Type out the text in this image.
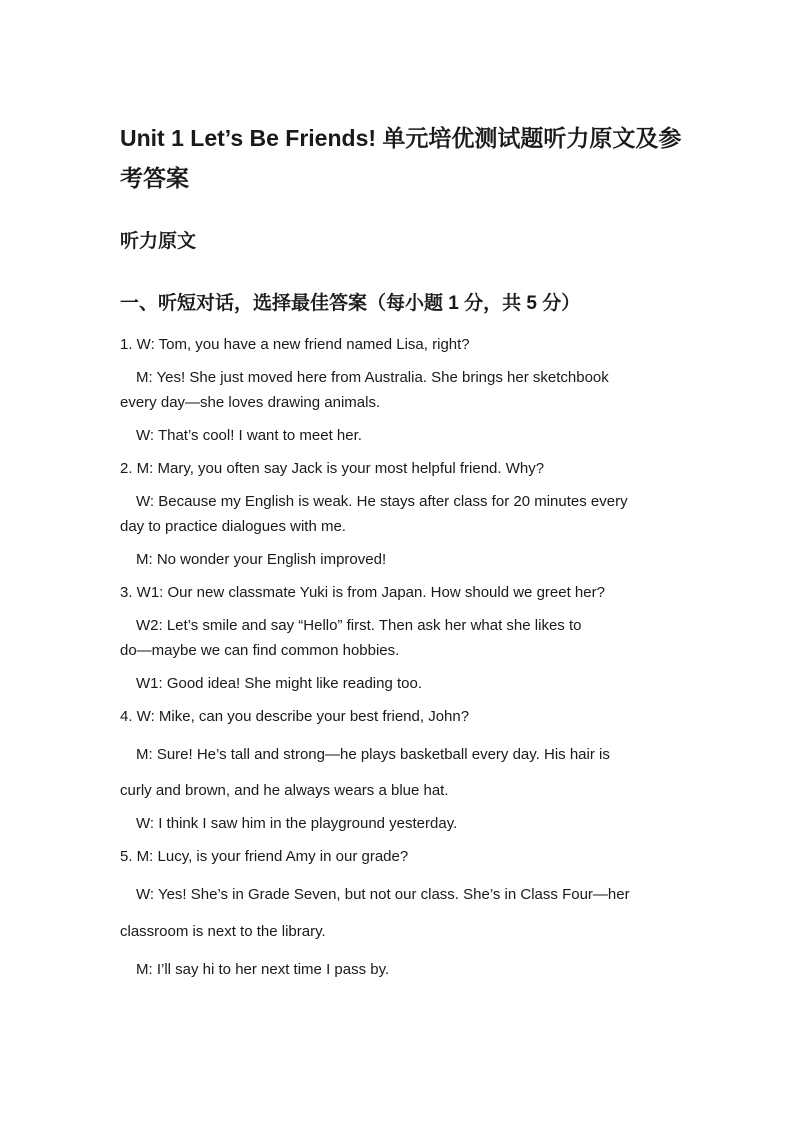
Unit 1 Let’s Be Friends! 单元培优测试题听力原文及参考答案
听力原文
一、听短对话，选择最佳答案（每小题 1 分，共 5 分）

1. W: Tom, you have a new friend named Lisa, right?

M: Yes! She just moved here from Australia. She brings her sketchbook

every day—she loves drawing animals.

W: That’s cool! I want to meet her.

2. M: Mary, you often say Jack is your most helpful friend. Why?

W: Because my English is weak. He stays after class for 20 minutes every

day to practice dialogues with me.

M: No wonder your English improved!

3. W1: Our new classmate Yuki is from Japan. How should we greet her?

W2: Let’s smile and say “Hello” first. Then ask her what she likes to

do—maybe we can find common hobbies.

W1: Good idea! She might like reading too.

4. W: Mike, can you describe your best friend, John?

M: Sure! He’s tall and strong—he plays basketball every day. His hair is

curly and brown, and he always wears a blue hat.

W: I think I saw him in the playground yesterday.

5. M: Lucy, is your friend Amy in our grade?

W: Yes! She’s in Grade Seven, but not our class. She’s in Class Four—her

classroom is next to the library.

M: I’ll say hi to her next time I pass by.
